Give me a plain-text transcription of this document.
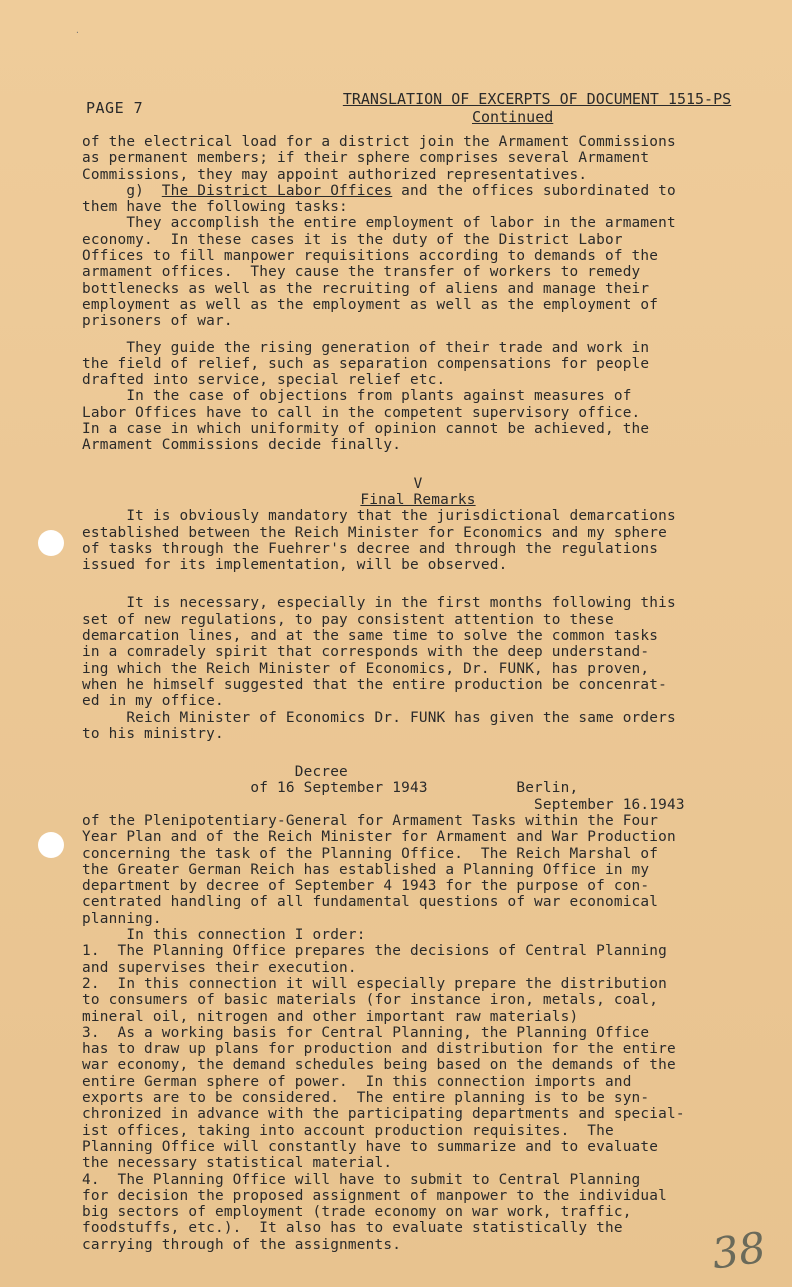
·
PAGE 7	TRANSLATION OF EXCERPTS OF DOCUMENT 1515-PS
Continued

of the electrical load for a district join the Armament Commissions

as permanent members; if their sphere comprises several Armament

Commissions, they may appoint authorized representatives.

g)  The District Labor Offices and the offices subordinated to

them have the following tasks:

They accomplish the entire employment of labor in the armament

economy.  In these cases it is the duty of the District Labor

Offices to fill manpower requisitions according to demands of the

armament offices.  They cause the transfer of workers to remedy

bottlenecks as well as the recruiting of aliens and manage their

employment as well as the employment as well as the employment of

prisoners of war.

They guide the rising generation of their trade and work in

the field of relief, such as separation compensations for people

drafted into service, special relief etc.

In the case of objections from plants against measures of

Labor Offices have to call in the competent supervisory office.

In a case in which uniformity of opinion cannot be achieved, the

Armament Commissions decide finally.

V

Final Remarks

It is obviously mandatory that the jurisdictional demarcations

established between the Reich Minister for Economics and my sphere

of tasks through the Fuehrer's decree and through the regulations

issued for its implementation, will be observed.

It is necessary, especially in the first months following this

set of new regulations, to pay consistent attention to these

demarcation lines, and at the same time to solve the common tasks

in a comradely spirit that corresponds with the deep understand-

ing which the Reich Minister of Economics, Dr. FUNK, has proven,

when he himself suggested that the entire production be concenrat-

ed in my office.

Reich Minister of Economics Dr. FUNK has given the same orders

to his ministry.

Decree

of 16 September 1943          Berlin,

September 16.1943

of the Plenipotentiary-General for Armament Tasks within the Four

Year Plan and of the Reich Minister for Armament and War Production

concerning the task of the Planning Office.  The Reich Marshal of

the Greater German Reich has established a Planning Office in my

department by decree of September 4 1943 for the purpose of con-

centrated handling of all fundamental questions of war economical

planning.

In this connection I order:

1.  The Planning Office prepares the decisions of Central Planning

and supervises their execution.

2.  In this connection it will especially prepare the distribution

to consumers of basic materials (for instance iron, metals, coal,

mineral oil, nitrogen and other important raw materials)

3.  As a working basis for Central Planning, the Planning Office

has to draw up plans for production and distribution for the entire

war economy, the demand schedules being based on the demands of the

entire German sphere of power.  In this connection imports and

exports are to be considered.  The entire planning is to be syn-

chronized in advance with the participating departments and special-

ist offices, taking into account production requisites.  The

Planning Office will constantly have to summarize and to evaluate

the necessary statistical material.

4.  The Planning Office will have to submit to Central Planning

for decision the proposed assignment of manpower to the individual

big sectors of employment (trade economy on war work, traffic,

foodstuffs, etc.).  It also has to evaluate statistically the

carrying through of the assignments.	38
